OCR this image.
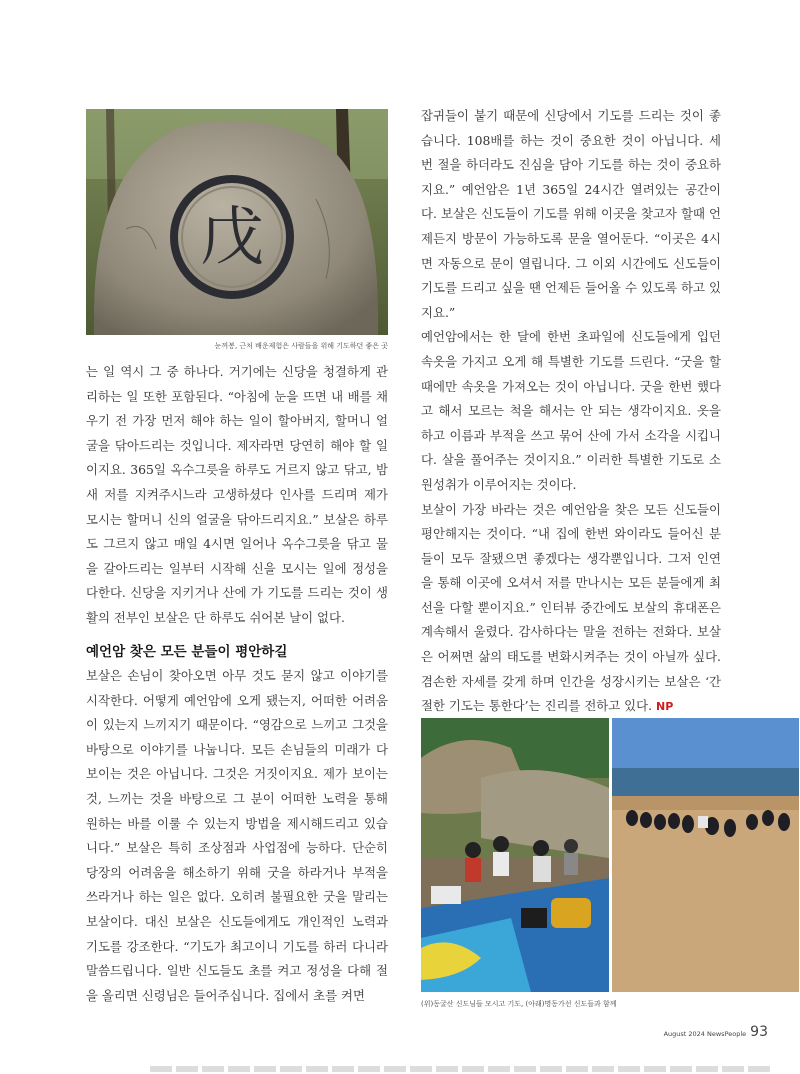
戊
눈꺼봉, 근처 배운제험은 사람들을 위해 기도하던 좋은 곳

는 일 역시 그 중 하나다. 거기에는 신당을 청결하게 관리하는 일 또한 포함된다. “아침에 눈을 뜨면 내 배를 채우기 전 가장 먼저 해야 하는 일이 할아버지, 할머니 얼굴을 닦아드리는 것입니다. 제자라면 당연히 해야 할 일이지요. 365일 옥수그릇을 하루도 거르지 않고 닦고, 밤새 저를 지켜주시느라 고생하셨다 인사를 드리며 제가 모시는 할머니 신의 얼굴을 닦아드리지요.” 보살은 하루도 그르지 않고 매일 4시면 일어나 옥수그릇을 닦고 물을 갈아드리는 일부터 시작해 신을 모시는 일에 정성을 다한다. 신당을 지키거나 산에 가 기도를 드리는 것이 생활의 전부인 보살은 단 하루도 쉬어본 날이 없다.

예언암 찾은 모든 분들이 평안하길

보살은 손님이 찾아오면 아무 것도 묻지 않고 이야기를 시작한다. 어떻게 예언암에 오게 됐는지, 어떠한 어려움이 있는지 느끼지기 때문이다. “영감으로 느끼고 그것을 바탕으로 이야기를 나눕니다. 모든 손님들의 미래가 다 보이는 것은 아닙니다. 그것은 거짓이지요. 제가 보이는 것, 느끼는 것을 바탕으로 그 분이 어떠한 노력을 통해 원하는 바를 이룰 수 있는지 방법을 제시해드리고 있습니다.” 보살은 특히 조상점과 사업점에 능하다. 단순히 당장의 어려움을 해소하기 위해 굿을 하라거나 부적을 쓰라거나 하는 일은 없다. 오히려 불필요한 굿을 말리는 보살이다. 대신 보살은 신도들에게도 개인적인 노력과 기도를 강조한다. “기도가 최고이니 기도를 하러 다니라 말씀드립니다. 일반 신도들도 초를 켜고 정성을 다해 절을 올리면 신령님은 들어주십니다. 집에서 초를 켜면

잡귀들이 붙기 때문에 신당에서 기도를 드리는 것이 좋습니다. 108배를 하는 것이 중요한 것이 아닙니다. 세 번 절을 하더라도 진심을 담아 기도를 하는 것이 중요하지요.” 예언암은 1년 365일 24시간 열려있는 공간이다. 보살은 신도들이 기도를 위해 이곳을 찾고자 할때 언제든지 방문이 가능하도록 문을 열어둔다. “이곳은 4시면 자동으로 문이 열립니다. 그 이외 시간에도 신도들이 기도를 드리고 싶을 땐 언제든 들어올 수 있도록 하고 있지요.”

예언암에서는 한 달에 한번 초파일에 신도들에게 입던 속옷을 가지고 오게 해 특별한 기도를 드린다. “굿을 할 때에만 속옷을 가져오는 것이 아닙니다. 굿을 한번 했다고 해서 모르는 척을 해서는 안 되는 생각이지요. 옷을 하고 이름과 부적을 쓰고 묶어 산에 가서 소각을 시킵니다. 살을 풀어주는 것이지요.” 이러한 특별한 기도로 소원성취가 이루어지는 것이다.

보살이 가장 바라는 것은 예언암을 찾은 모든 신도들이 평안해지는 것이다. “내 집에 한번 와이라도 들어신 분들이 모두 잘됐으면 좋겠다는 생각뿐입니다. 그저 인연을 통해 이곳에 오셔서 저를 만나시는 모든 분들에게 최선을 다할 뿐이지요.” 인터뷰 중간에도 보살의 휴대폰은 계속해서 울렸다. 감사하다는 말을 전하는 전화다. 보살은 어쩌면 삶의 태도를 변화시켜주는 것이 아닐까 싶다. 겸손한 자세를 갖게 하며 인간을 성장시키는 보살은 ‘간절한 기도는 통한다’는 진리를 전하고 있다. NP

(위)동굴산 신도님들 모시고 기도, (아래)명동가선 신도들과 함께
August 2024 NewsPeople 93
